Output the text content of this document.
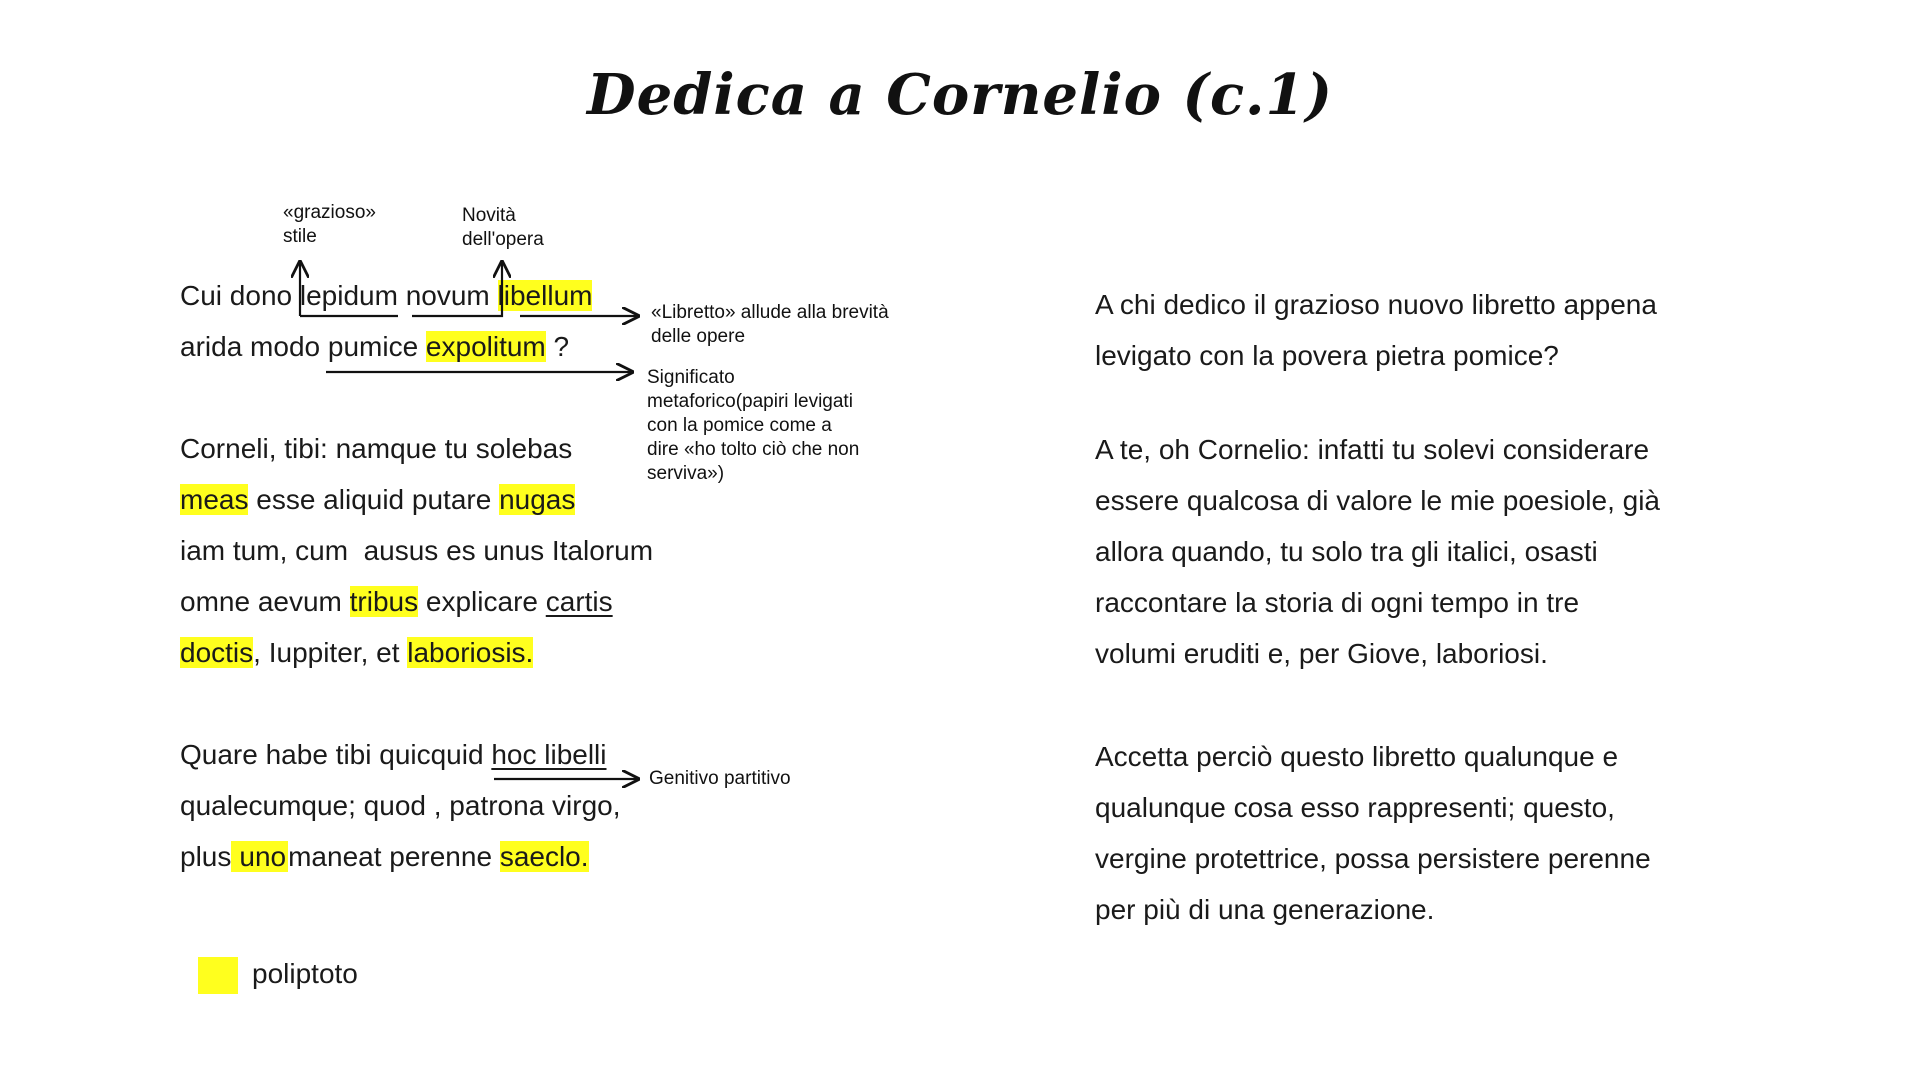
Dedica a Cornelio (c.1)
Cui dono lepidum novum libellum
arida modo pumice expolitum ?
Corneli, tibi: namque tu solebas
meas esse aliquid putare nugas
iam tum, cum  ausus es unus Italorum
omne aevum tribus explicare cartis
doctis, Iuppiter, et laboriosis.
Quare habe tibi quicquid hoc libelli
qualecumque; quod , patrona virgo,
plus unomaneat perenne saeclo.
«grazioso»
stile
Novità
dell'opera
«Libretto» allude alla brevità
delle opere
Significato
metaforico(papiri levigati
con la pomice come a
dire «ho tolto ciò che non
serviva»)
Genitivo partitivo
A chi dedico il grazioso nuovo libretto appena
levigato con la povera pietra pomice?
A te, oh Cornelio: infatti tu solevi considerare
essere qualcosa di valore le mie poesiole, già
allora quando, tu solo tra gli italici, osasti
raccontare la storia di ogni tempo in tre
volumi eruditi e, per Giove, laboriosi.
Accetta perciò questo libretto qualunque e
qualunque cosa esso rappresenti; questo,
vergine protettrice, possa persistere perenne
per più di una generazione.
poliptoto
